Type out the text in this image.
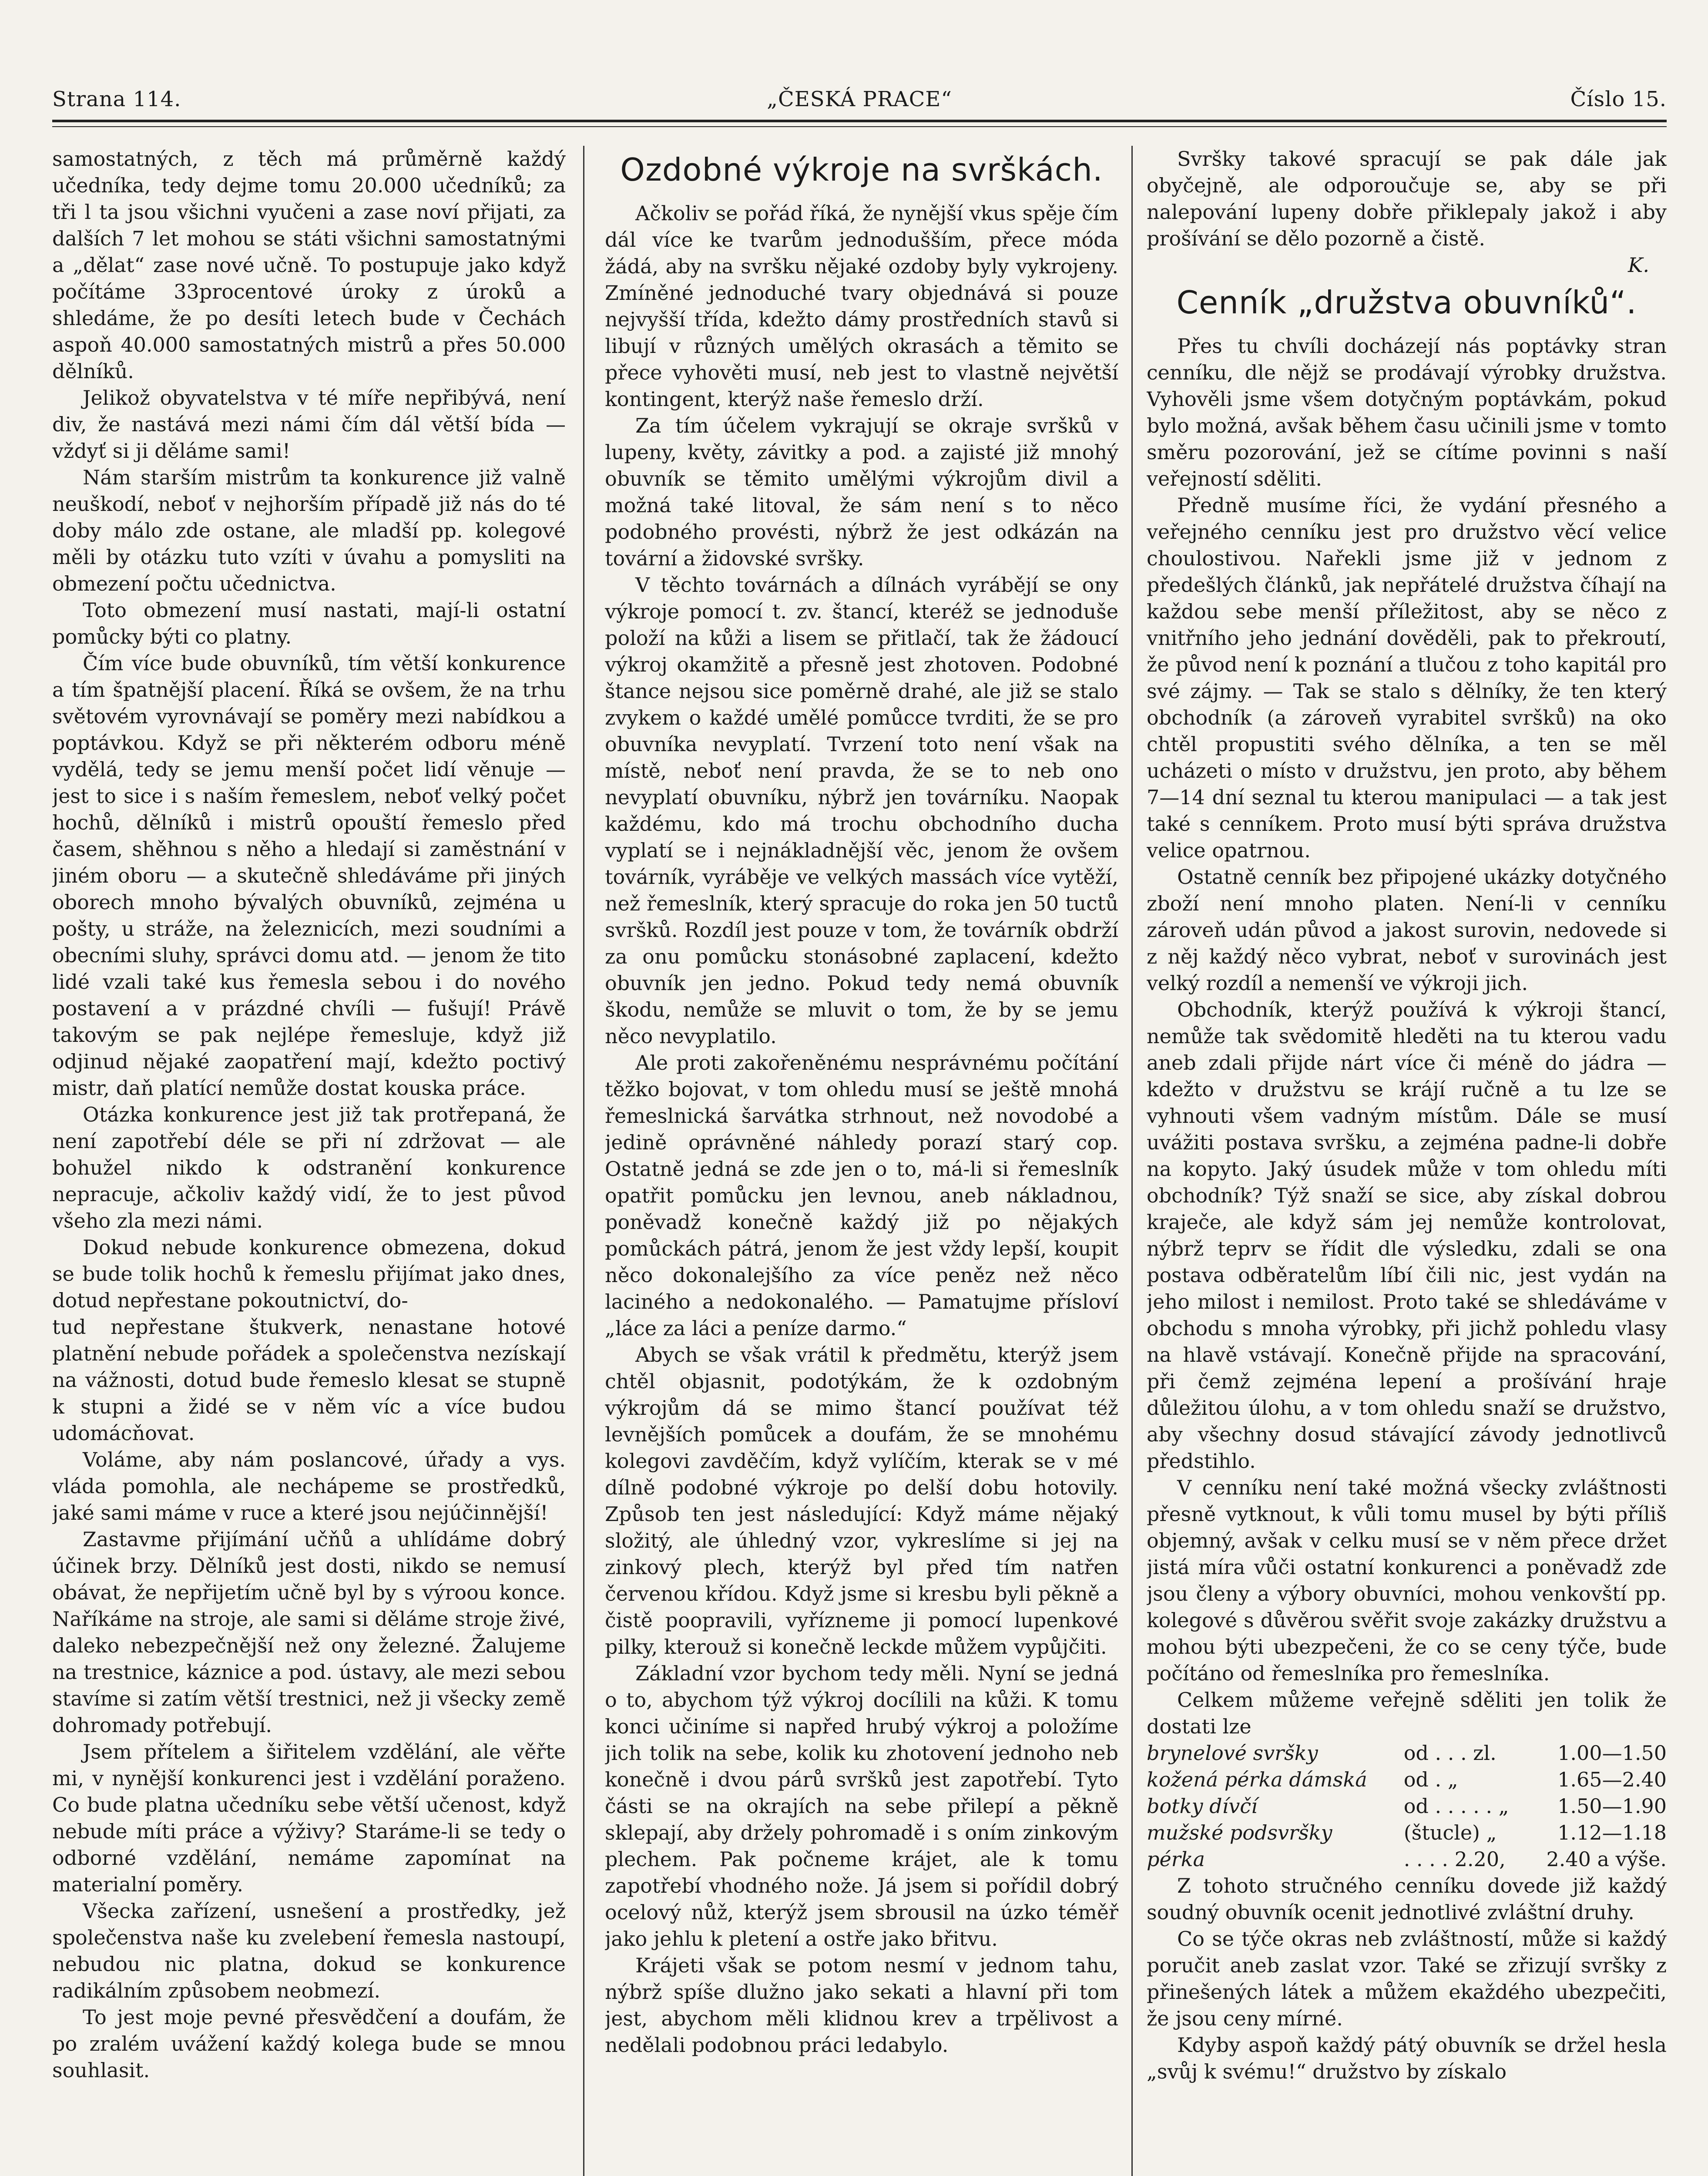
Strana 114.	„ČESKÁ PRACE“	Číslo 15.

samostatných, z těch má průměrně každý učedníka, tedy dejme tomu 20.000 učedníků; za tři l ta jsou všichni vyučeni a zase noví přijati, za dalších 7 let mohou se státi všichni samostatnými a „dělat“ zase nové učně. To postupuje jako když počítáme 33procentové úroky z úroků a shledáme, že po desíti letech bude v Čechách aspoň 40.000 samostatných mistrů a přes 50.000 dělníků.

Jelikož obyvatelstva v té míře nepřibývá, není div, že nastává mezi námi čím dál větší bída — vždyť si ji děláme sami!

Nám starším mistrům ta konkurence již valně neuškodí, neboť v nejhorším případě již nás do té doby málo zde ostane, ale mladší pp. kolegové měli by otázku tuto vzíti v úvahu a pomysliti na obmezení počtu učednictva.

Toto obmezení musí nastati, mají-li ostatní pomůcky býti co platny.

Čím více bude obuvníků, tím větší konkurence a tím špatnější placení. Říká se ovšem, že na trhu světovém vyrovnávají se poměry mezi nabídkou a poptávkou. Když se při některém odboru méně vydělá, tedy se jemu menší počet lidí věnuje — jest to sice i s naším řemeslem, neboť velký počet hochů, dělníků i mistrů opouští řemeslo před časem, shěhnou s něho a hledají si zaměstnání v jiném oboru — a skutečně shledáváme při jiných oborech mnoho bývalých obuvníků, zejména u pošty, u stráže, na železnicích, mezi soudními a obecními sluhy, správci domu atd. — jenom že tito lidé vzali také kus řemesla sebou i do nového postavení a v prázdné chvíli — fušují! Právě takovým se pak nejlépe řemesluje, když již odjinud nějaké zaopatření mají, kdežto poctivý mistr, daň platící nemůže dostat kouska práce.

Otázka konkurence jest již tak protřepaná, že není zapotřebí déle se při ní zdržovat — ale bohužel nikdo k odstranění konkurence nepracuje, ačkoliv každý vidí, že to jest původ všeho zla mezi námi.

Dokud nebude konkurence obmezena, dokud se bude tolik hochů k řemeslu přijímat jako dnes, dotud nepřestane pokoutnictví, do-

tud nepřestane štukverk, nenastane hotové platnění nebude pořádek a společenstva nezískají na vážnosti, dotud bude řemeslo klesat se stupně k stupni a židé se v něm víc a více budou udomácňovat.

Voláme, aby nám poslancové, úřady a vys. vláda pomohla, ale nechápeme se prostředků, jaké sami máme v ruce a které jsou nejúčinnější!

Zastavme přijímání učňů a uhlídáme dobrý účinek brzy. Dělníků jest dosti, nikdo se nemusí obávat, že nepřijetím učně byl by s výroou konce. Naříkáme na stroje, ale sami si děláme stroje živé, daleko nebezpečnější než ony železné. Žalujeme na trestnice, káznice a pod. ústavy, ale mezi sebou stavíme si zatím větší trestnici, než ji všecky země dohromady potřebují.

Jsem přítelem a šiřitelem vzdělání, ale věřte mi, v nynější konkurenci jest i vzdělání poraženo. Co bude platna učedníku sebe větší učenost, když nebude míti práce a výživy? Staráme-li se tedy o odborné vzdělání, nemáme zapomínat na materialní poměry.

Všecka zařízení, usnešení a prostředky, jež společenstva naše ku zvelebení řemesla nastoupí, nebudou nic platna, dokud se konkurence radikálním způsobem neobmezí.

To jest moje pevné přesvědčení a doufám, že po zralém uvážení každý kolega bude se mnou souhlasit.

Ozdobné výkroje na svrškách.

Ačkoliv se pořád říká, že nynější vkus spěje čím dál více ke tvarům jednodušším, přece móda žádá, aby na svršku nějaké ozdoby byly vykrojeny. Zmíněné jednoduché tvary objednává si pouze nejvyšší třída, kdežto dámy prostředních stavů si libují v různých umělých okrasách a těmito se přece vyhověti musí, neb jest to vlastně největší kontingent, kterýž naše řemeslo drží.

Za tím účelem vykrajují se okraje svršků v lupeny, květy, závitky a pod. a zajisté již mnohý obuvník se těmito umělými výkrojům divil a možná také litoval, že sám není s to něco podobného provésti, nýbrž že jest odkázán na tovární a židovské svršky.

V těchto továrnách a dílnách vyrábějí se ony výkroje pomocí t. zv. štancí, kteréž se jednoduše položí na kůži a lisem se přitlačí, tak že žádoucí výkroj okamžitě a přesně jest zhotoven. Podobné štance nejsou sice poměrně drahé, ale již se stalo zvykem o každé umělé pomůcce tvrditi, že se pro obuvníka nevyplatí. Tvrzení toto není však na místě, neboť není pravda, že se to neb ono nevyplatí obuvníku, nýbrž jen továrníku. Naopak každému, kdo má trochu obchodního ducha vyplatí se i nejnákladnější věc, jenom že ovšem továrník, vyráběje ve velkých massách více vytěží, než řemeslník, který spracuje do roka jen 50 tuctů svršků. Rozdíl jest pouze v tom, že továrník obdrží za onu pomůcku stonásobné zaplacení, kdežto obuvník jen jedno. Pokud tedy nemá obuvník škodu, nemůže se mluvit o tom, že by se jemu něco nevyplatilo.

Ale proti zakořeněnému nesprávnému počítání těžko bojovat, v tom ohledu musí se ještě mnohá řemeslnická šarvátka strhnout, než novodobé a jedině oprávněné náhledy porazí starý cop. Ostatně jedná se zde jen o to, má-li si řemeslník opatřit pomůcku jen levnou, aneb nákladnou, poněvadž konečně každý již po nějakých pomůckách pátrá, jenom že jest vždy lepší, koupit něco dokonalejšího za více peněz než něco laciného a nedokonalého. — Pamatujme přísloví „láce za láci a peníze darmo.“

Abych se však vrátil k předmětu, kterýž jsem chtěl objasnit, podotýkám, že k ozdobným výkrojům dá se mimo štancí používat též levnějších pomůcek a doufám, že se mnohému kolegovi zavděčím, když vylíčím, kterak se v mé dílně podobné výkroje po delší dobu hotovily. Způsob ten jest následující: Když máme nějaký složitý, ale úhledný vzor, vykreslíme si jej na zinkový plech, kterýž byl před tím natřen červenou křídou. Když jsme si kresbu byli pěkně a čistě poopravili, vyřízneme ji pomocí lupenkové pilky, kterouž si konečně leckde můžem vypůjčiti.

Základní vzor bychom tedy měli. Nyní se jedná o to, abychom týž výkroj docílili na kůži. K tomu konci učiníme si napřed hrubý výkroj a položíme jich tolik na sebe, kolik ku zhotovení jednoho neb konečně i dvou párů svršků jest zapotřebí. Tyto části se na okrajích na sebe přilepí a pěkně sklepají, aby držely pohromadě i s oním zinkovým plechem. Pak počneme krájet, ale k tomu zapotřebí vhodného nože. Já jsem si pořídil dobrý ocelový nůž, kterýž jsem sbrousil na úzko téměř jako jehlu k pletení a ostře jako břitvu.

Krájeti však se potom nesmí v jednom tahu, nýbrž spíše dlužno jako sekati a hlavní při tom jest, abychom měli klidnou krev a trpělivost a nedělali podobnou práci ledabylo.

Svršky takové spracují se pak dále jak obyčejně, ale odporoučuje se, aby se při nalepování lupeny dobře přiklepaly jakož i aby prošívání se dělo pozorně a čistě.

K.

Cenník „družstva obuvníků“.

Přes tu chvíli docházejí nás poptávky stran cenníku, dle nějž se prodávají výrobky družstva. Vyhověli jsme všem dotyčným poptávkám, pokud bylo možná, avšak během času učinili jsme v tomto směru pozorování, jež se cítíme povinni s naší veřejností sděliti.

Předně musíme říci, že vydání přesného a veřejného cenníku jest pro družstvo věcí velice choulostivou. Nařekli jsme již v jednom z předešlých článků, jak nepřátelé družstva číhají na každou sebe menší příležitost, aby se něco z vnitřního jeho jednání dověděli, pak to překroutí, že původ není k poznání a tlučou z toho kapitál pro své zájmy. — Tak se stalo s dělníky, že ten který obchodník (a zároveň vyrabitel svršků) na oko chtěl propustiti svého dělníka, a ten se měl ucházeti o místo v družstvu, jen proto, aby během 7—14 dní seznal tu kterou manipulaci — a tak jest také s cenníkem. Proto musí býti správa družstva velice opatrnou.

Ostatně cenník bez připojené ukázky dotyčného zboží není mnoho platen. Není-li v cenníku zároveň udán původ a jakost surovin, nedovede si z něj každý něco vybrat, neboť v surovinách jest velký rozdíl a nemenší ve výkroji jich.

Obchodník, kterýž používá k výkroji štancí, nemůže tak svědomitě hleděti na tu kterou vadu aneb zdali přijde nárt více či méně do jádra — kdežto v družstvu se krájí ručně a tu lze se vyhnouti všem vadným místům. Dále se musí uvážiti postava svršku, a zejména padne-li dobře na kopyto. Jaký úsudek může v tom ohledu míti obchodník? Týž snaží se sice, aby získal dobrou kraječe, ale když sám jej nemůže kontrolovat, nýbrž teprv se řídit dle výsledku, zdali se ona postava odběratelům líbí čili nic, jest vydán na jeho milost i nemilost. Proto také se shledáváme v obchodu s mnoha výrobky, při jichž pohledu vlasy na hlavě vstávají. Konečně přijde na spracování, při čemž zejména lepení a prošívání hraje důležitou úlohu, a v tom ohledu snaží se družstvo, aby všechny dosud stávající závody jednotlivců předstihlo.

V cenníku není také možná všecky zvláštnosti přesně vytknout, k vůli tomu musel by býti příliš objemný, avšak v celku musí se v něm přece držet jistá míra vůči ostatní konkurenci a poněvadž zde jsou členy a výbory obuvníci, mohou venkovští pp. kolegové s důvěrou svěřit svoje zakázky družstvu a mohou býti ubezpečeni, že co se ceny týče, bude počítáno od řemeslníka pro řemeslníka.

Celkem můžeme veřejně sděliti jen tolik že dostati lze

brynelové svršky	od . . . zl.	1.00—1.50
kožená pérka dámská	od . „	1.65—2.40
botky dívčí	od . . . . . „	1.50—1.90
mužské podsvršky	(štucle) „	1.12—1.18
pérka	. . . . 2.20,	2.40 a výše.

Z tohoto stručného cenníku dovede již každý soudný obuvník ocenit jednotlivé zvláštní druhy.

Co se týče okras neb zvláštností, může si každý poručit aneb zaslat vzor. Také se zřizují svršky z přinešených látek a můžem ekaždého ubezpečiti, že jsou ceny mírné.

Kdyby aspoň každý pátý obuvník se držel hesla „svůj k svému!“ družstvo by získalo
